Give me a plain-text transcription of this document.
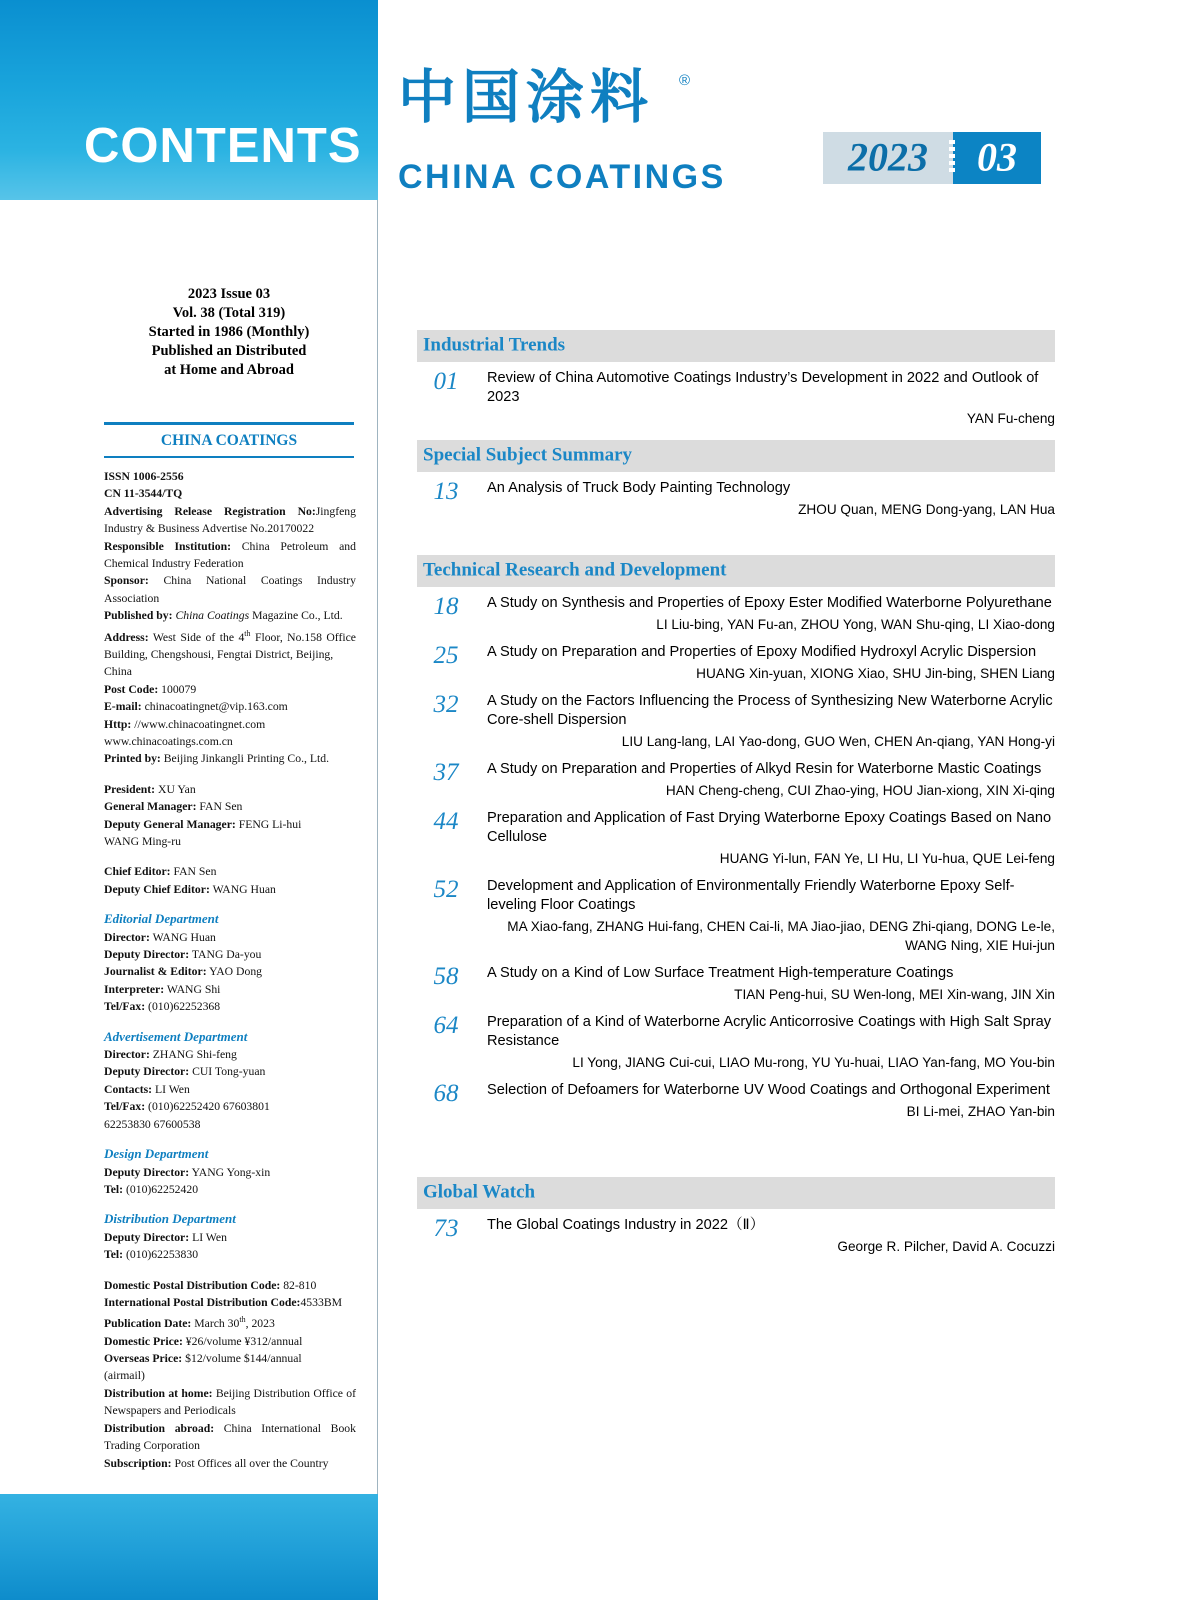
CONTENTS
中国涂料 ®
CHINA COATINGS	2023 03
2023 Issue 03
Vol. 38 (Total 319)
Started in 1986 (Monthly)
Published an Distributed
at Home and Abroad
CHINA COATINGS

ISSN 1006-2556

CN 11-3544/TQ

Advertising Release Registration No:Jingfeng Industry & Business Advertise No.20170022

Responsible Institution: China Petroleum and Chemical Industry Federation

Sponsor: China National Coatings Industry Association

Published by: China Coatings Magazine Co., Ltd.

Address: West Side of the 4th Floor, No.158 Office Building, Chengshousi, Fengtai District, Beijing,

China

Post Code: 100079

E-mail: chinacoatingnet@vip.163.com

Http: //www.chinacoatingnet.com

www.chinacoatings.com.cn

Printed by: Beijing Jinkangli Printing Co., Ltd.

President: XU Yan

General Manager: FAN Sen

Deputy General Manager: FENG Li-hui

WANG Ming-ru

Chief Editor: FAN Sen

Deputy Chief Editor: WANG Huan

Editorial Department

Director: WANG Huan

Deputy Director: TANG Da-you

Journalist & Editor: YAO Dong

Interpreter: WANG Shi

Tel/Fax: (010)62252368

Advertisement Department

Director: ZHANG Shi-feng

Deputy Director: CUI Tong-yuan

Contacts: LI Wen

Tel/Fax: (010)62252420 67603801

62253830 67600538

Design Department

Deputy Director: YANG Yong-xin

Tel: (010)62252420

Distribution Department

Deputy Director: LI Wen

Tel: (010)62253830

Domestic Postal Distribution Code: 82-810

International Postal Distribution Code:4533BM

Publication Date: March 30th, 2023

Domestic Price: ¥26/volume ¥312/annual

Overseas Price: $12/volume $144/annual

(airmail)

Distribution at home: Beijing Distribution Office of Newspapers and Periodicals

Distribution abroad: China International Book Trading Corporation

Subscription: Post Offices all over the Country

Industrial Trends
01	Review of China Automotive Coatings Industry’s Development in 2022 and Outlook of 2023
YAN Fu-cheng
Special Subject Summary
13	An Analysis of Truck Body Painting Technology
ZHOU Quan, MENG Dong-yang, LAN Hua
Technical Research and Development
18	A Study on Synthesis and Properties of Epoxy Ester Modified Waterborne Polyurethane
LI Liu-bing, YAN Fu-an, ZHOU Yong, WAN Shu-qing, LI Xiao-dong
25	A Study on Preparation and Properties of Epoxy Modified Hydroxyl Acrylic Dispersion
HUANG Xin-yuan, XIONG Xiao, SHU Jin-bing, SHEN Liang
32	A Study on the Factors Influencing the Process of Synthesizing New Waterborne Acrylic Core-shell Dispersion
LIU Lang-lang, LAI Yao-dong, GUO Wen, CHEN An-qiang, YAN Hong-yi
37	A Study on Preparation and Properties of Alkyd Resin for Waterborne Mastic Coatings
HAN Cheng-cheng, CUI Zhao-ying, HOU Jian-xiong, XIN Xi-qing
44	Preparation and Application of Fast Drying Waterborne Epoxy Coatings Based on Nano Cellulose
HUANG Yi-lun, FAN Ye, LI Hu, LI Yu-hua, QUE Lei-feng
52	Development and Application of Environmentally Friendly Waterborne Epoxy Self-leveling Floor Coatings
MA Xiao-fang, ZHANG Hui-fang, CHEN Cai-li, MA Jiao-jiao, DENG Zhi-qiang, DONG Le-le, WANG Ning, XIE Hui-jun
58	A Study on a Kind of Low Surface Treatment High-temperature Coatings
TIAN Peng-hui, SU Wen-long, MEI Xin-wang, JIN Xin
64	Preparation of a Kind of Waterborne Acrylic Anticorrosive Coatings with High Salt Spray Resistance
LI Yong, JIANG Cui-cui, LIAO Mu-rong, YU Yu-huai, LIAO Yan-fang, MO You-bin
68	Selection of Defoamers for Waterborne UV Wood Coatings and Orthogonal Experiment
BI Li-mei, ZHAO Yan-bin
Global Watch
73	The Global Coatings Industry in 2022（Ⅱ）
George R. Pilcher, David A. Cocuzzi
